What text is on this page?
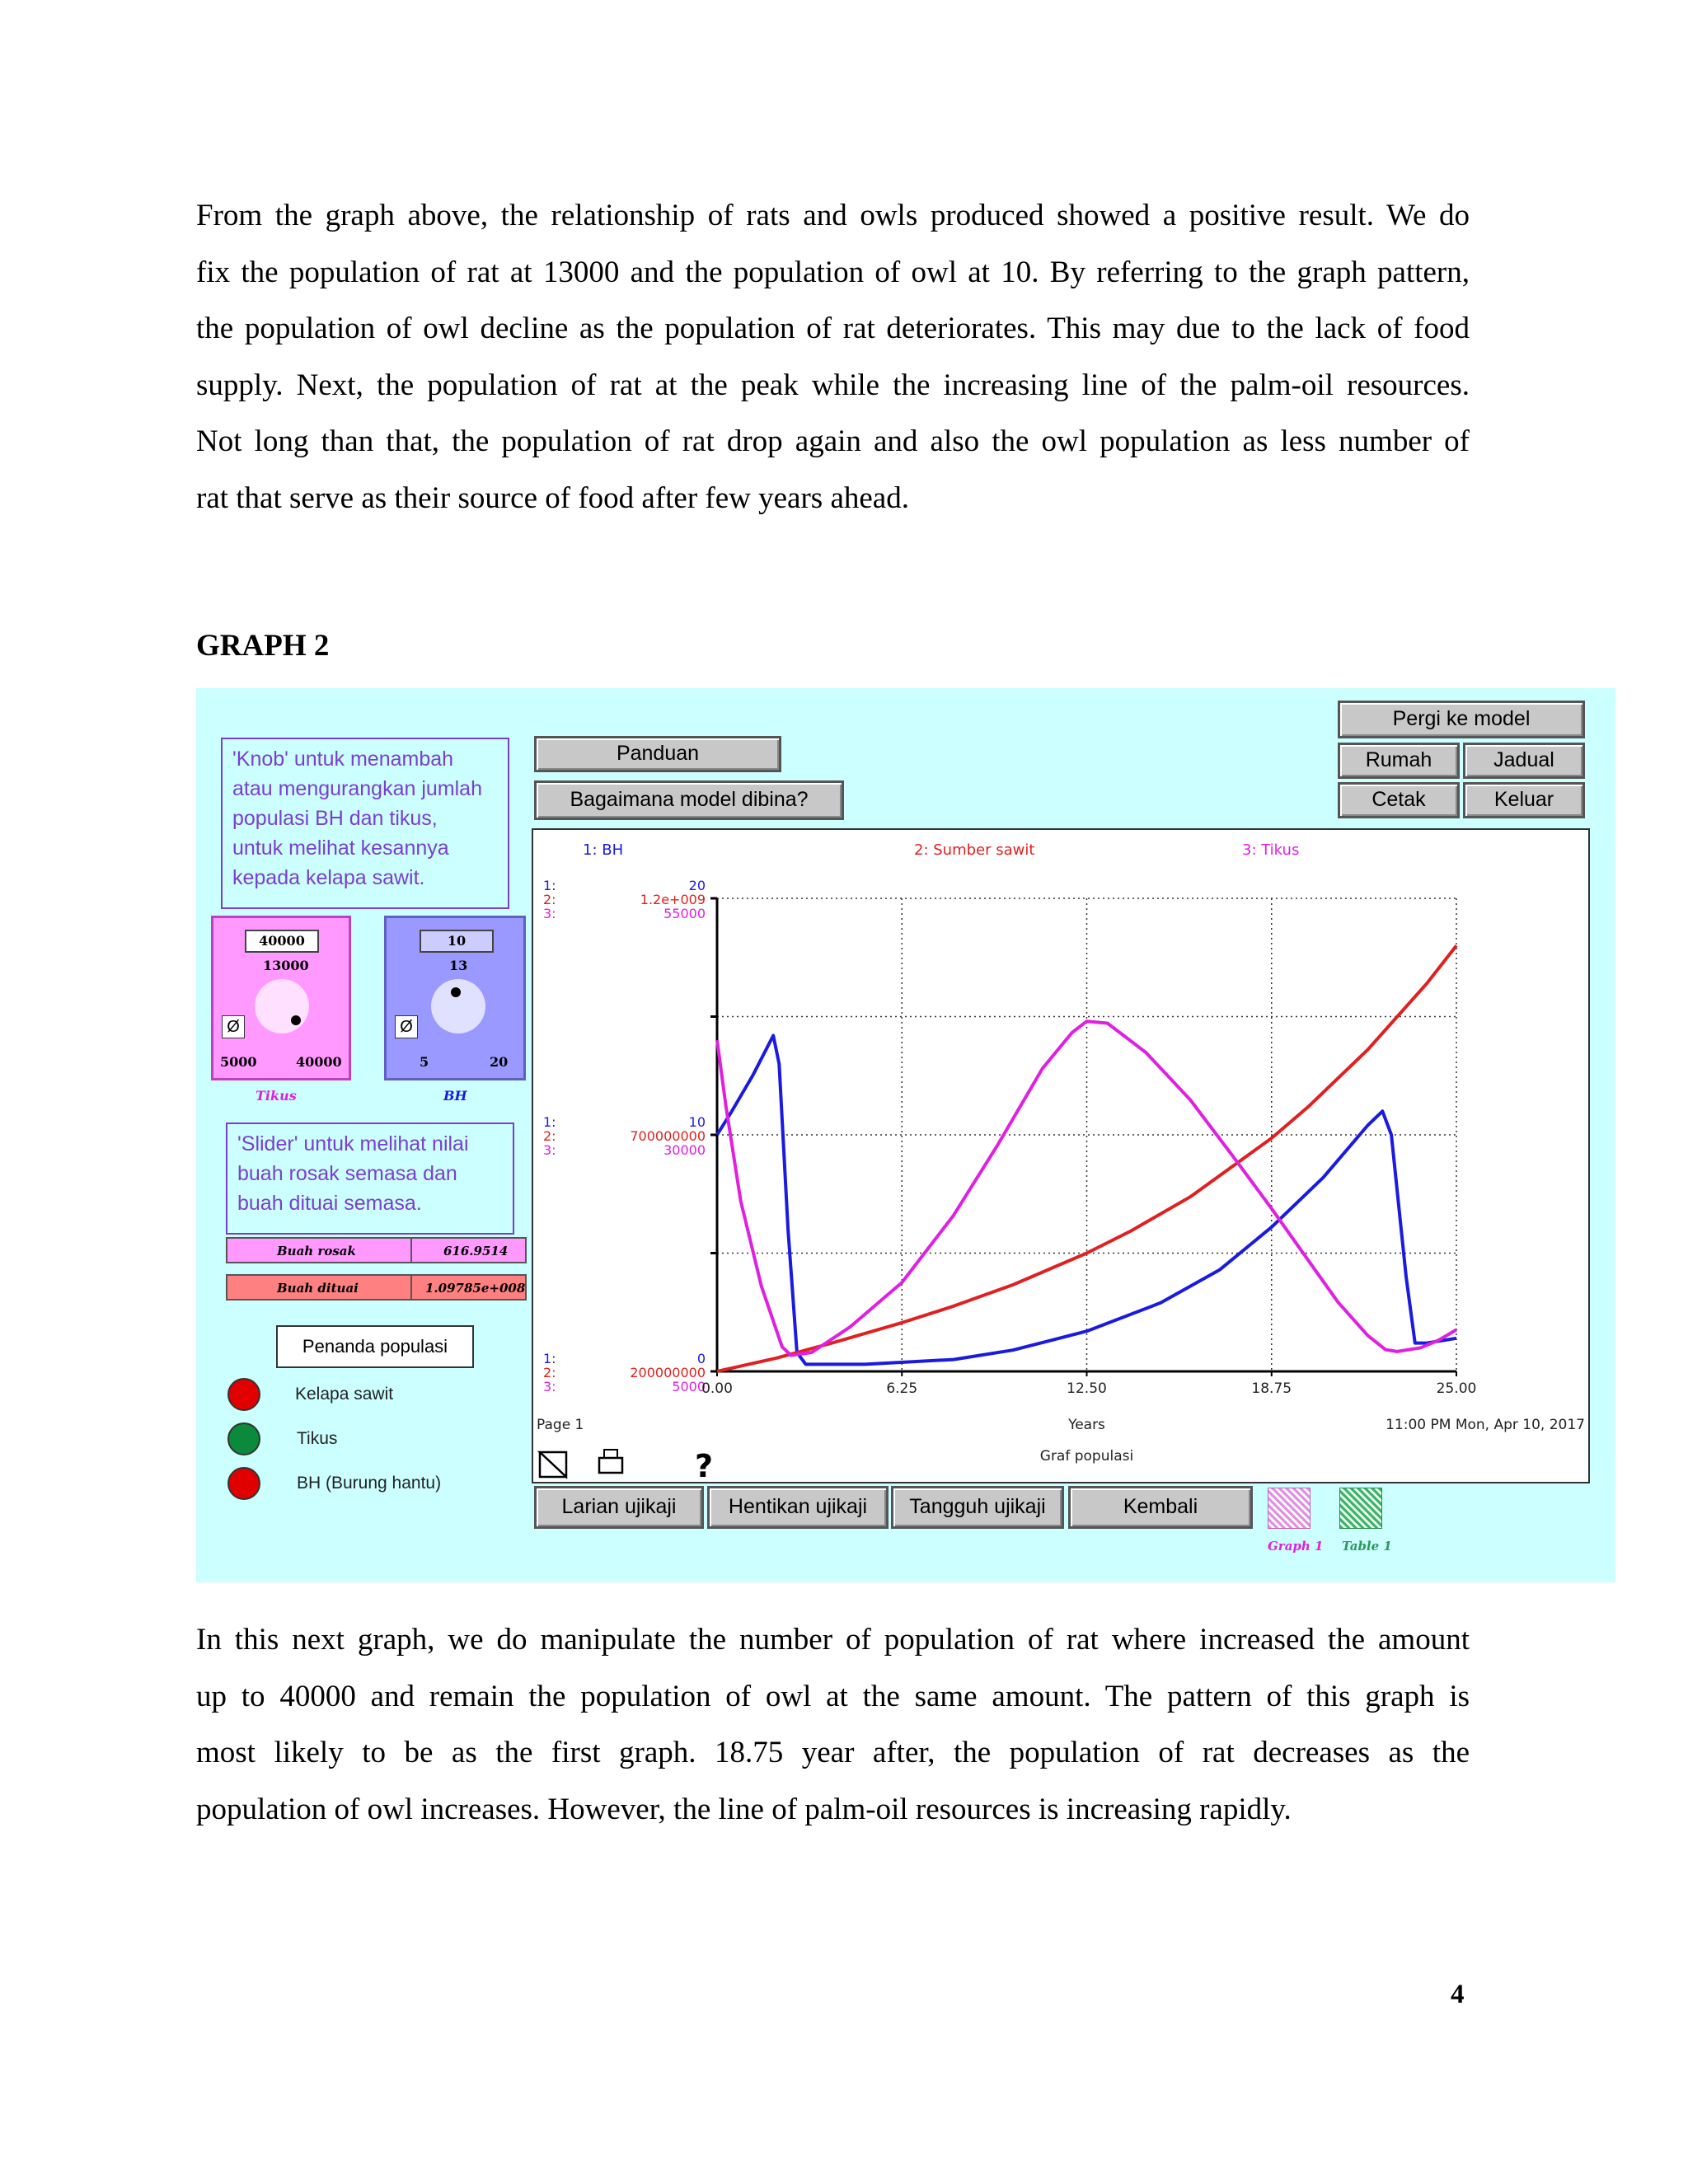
From the graph above, the relationship of rats and owls produced showed a positive result. We do
fix the population of rat at 13000 and the population of owl at 10. By referring to the graph pattern,
the population of owl decline as the population of rat deteriorates. This may due to the lack of food
supply. Next, the population of rat at the peak while the increasing line of the palm-oil resources.
Not long than that, the population of rat drop again and also the owl population as less number of
rat that serve as their source of food after few years ahead.
GRAPH 2
'Knob' untuk menambah
atau mengurangkan jumlah
populasi BH dan tikus,
untuk melihat kesannya
kepada kelapa sawit.
Panduan
Bagaimana model dibina?
Pergi ke model
Rumah	Jadual
Cetak	Keluar
40000
13000
Ø
5000	40000
Tikus
10
13
Ø
5	20
BH
'Slider' untuk melihat nilai
buah rosak semasa dan
buah dituai semasa.
Buah rosak	616.9514
Buah dituai	1.09785e+008
Penanda populasi
Kelapa sawit
Tikus
BH (Burung hantu)
1: BH	2: Sumber sawit	3: Tikus
1:	20
2:	1.2e+009
3:	55000
1:	10
2:	700000000
3:	30000
1:	0
2:	200000000
3:	5000
0.00	6.25	12.50	18.75	25.00
Page 1	Years	11:00 PM Mon, Apr 10, 2017
Graf populasi
?
Larian ujikaji	Hentikan ujikaji	Tangguh ujikaji	Kembali
Graph 1 Table 1
In this next graph, we do manipulate the number of population of rat where increased the amount
up to 40000 and remain the population of owl at the same amount. The pattern of this graph is
most likely to be as the first graph. 18.75 year after, the population of rat decreases as the
population of owl increases. However, the line of palm-oil resources is increasing rapidly.
4
